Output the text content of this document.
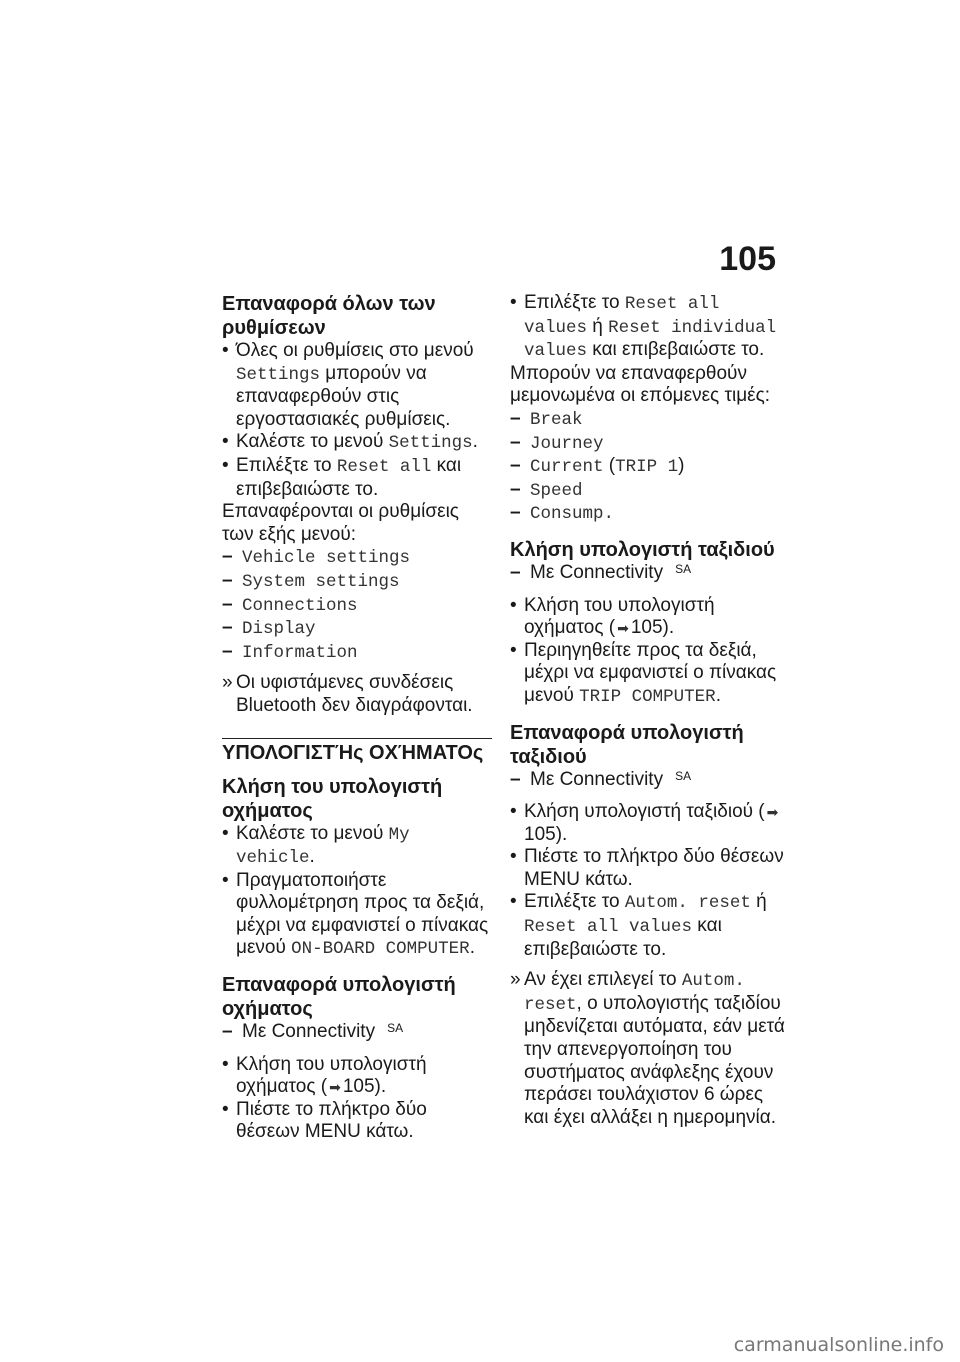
105

Επαναφορά όλων των ρυθμίσεων

• Όλες οι ρυθμίσεις στο μενού Settings μπορούν να επαναφερθούν στις εργοστασιακές ρυθμίσεις.
• Καλέστε το μενού Settings.
• Επιλέξτε το Reset all και επιβεβαιώστε το.

Επαναφέρονται οι ρυθμίσεις των εξής μενού:

– Vehicle settings
– System settings
– Connections
– Display
– Information
» Οι υφιστάμενες συνδέσεις Bluetooth δεν διαγράφονται.
ΥΠΟΛΟΓΙΣΤΉς ΟΧΉΜΑΤΟς

Κλήση του υπολογιστή οχήματος

• Καλέστε το μενού My vehicle.
• Πραγματοποιήστε φυλλομέτρηση προς τα δεξιά, μέχρι να εμφανιστεί ο πίνακας μενού ON-BOARD COMPUTER.

Επαναφορά υπολογιστή οχήματος

– Με Connectivity $^{SA}$
• Κλήση του υπολογιστή οχήματος ( ➡ 105).
• Πιέστε το πλήκτρο δύο θέσεων MENU κάτω.
• Επιλέξτε το Reset all values ή Reset individual values και επιβεβαιώστε το.

Μπορούν να επαναφερθούν μεμονωμένα οι επόμενες τιμές:

– Break
– Journey
– Current (TRIP 1)
– Speed
– Consump.

Κλήση υπολογιστή ταξιδιού

– Με Connectivity $^{SA}$
• Κλήση του υπολογιστή οχήματος ( ➡ 105).
• Περιηγηθείτε προς τα δεξιά, μέχρι να εμφανιστεί ο πίνακας μενού TRIP COMPUTER.

Επαναφορά υπολογιστή ταξιδιού

– Με Connectivity $^{SA}$
• Κλήση υπολογιστή ταξιδιού ( ➡105).
• Πιέστε το πλήκτρο δύο θέσεων MENU κάτω.
• Επιλέξτε το Autom. reset ή Reset all values και επιβεβαιώστε το.
» Αν έχει επιλεγεί το Autom. reset, ο υπολογιστής ταξιδίου μηδενίζεται αυτόματα, εάν μετά την απενεργοποίηση του συστήματος ανάφλεξης έχουν περάσει τουλάχιστον 6 ώρες και έχει αλλάξει η ημερομηνία.
carmanualsonline.info
